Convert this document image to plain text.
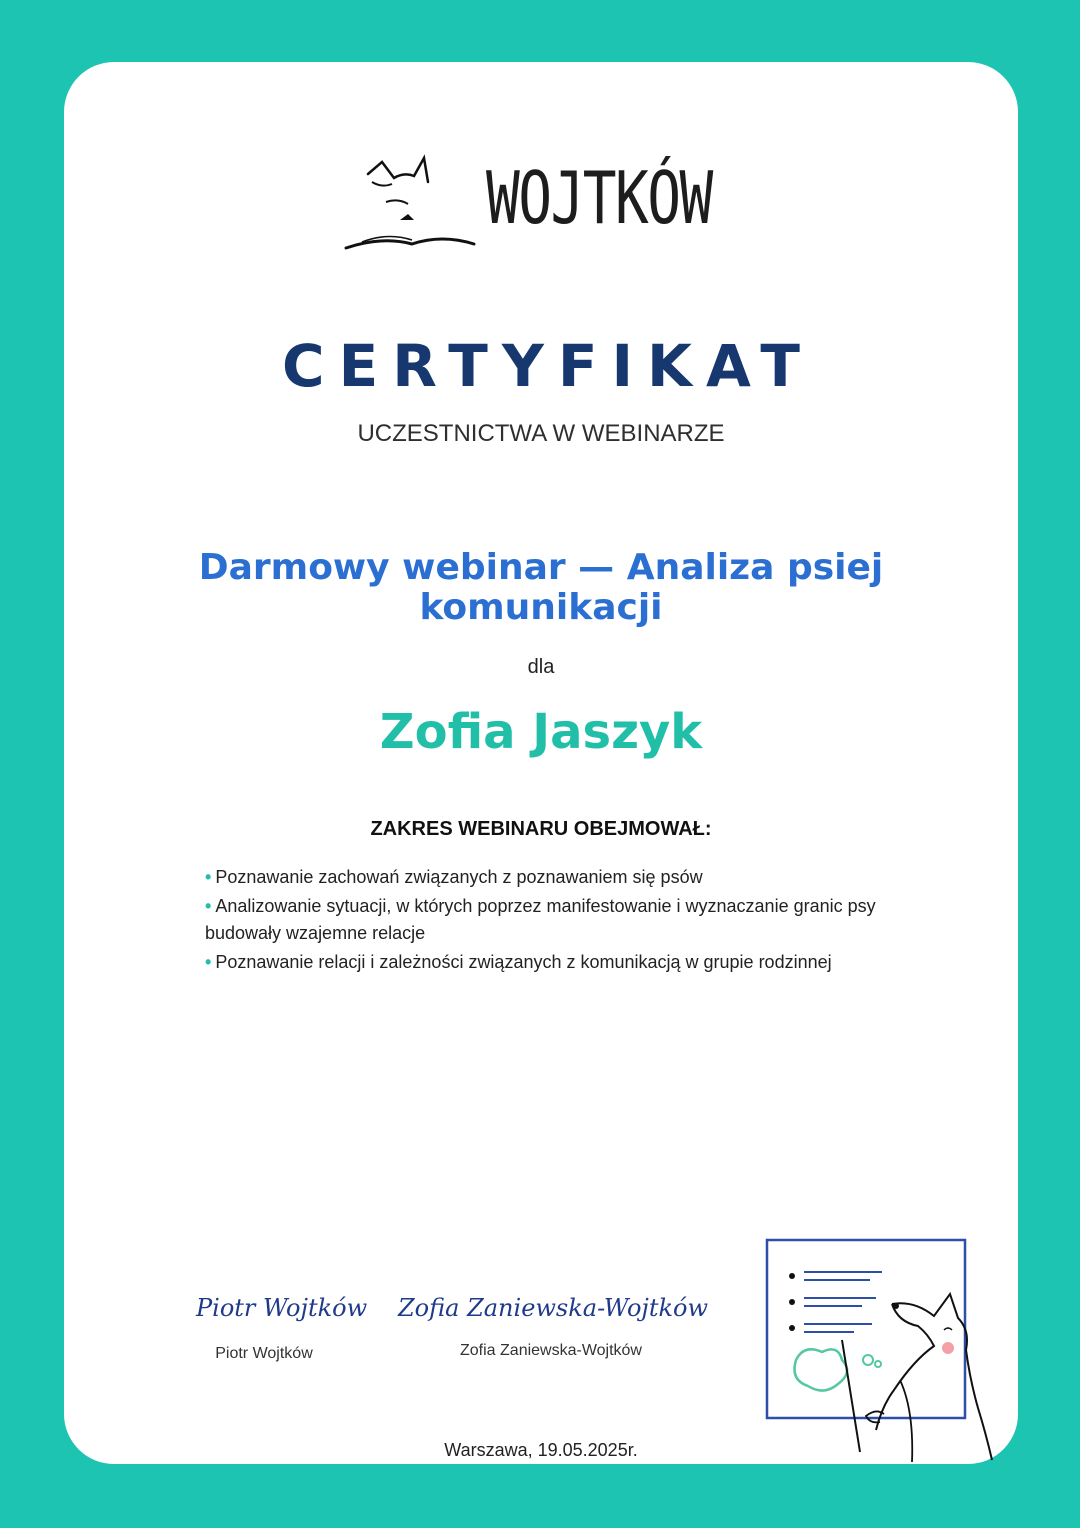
WOJTKÓW
CERTYFIKAT
UCZESTNICTWA W WEBINARZE
Darmowy webinar — Analiza psiej komunikacji
dla
Zofia Jaszyk
ZAKRES WEBINARU OBEJMOWAŁ:
• Poznawanie zachowań związanych z poznawaniem się psów
• Analizowanie sytuacji, w których poprzez manifestowanie i wyznaczanie granic psy budowały wzajemne relacje
• Poznawanie relacji i zależności związanych z komunikacją w grupie rodzinnej
Piotr Wojtków
Piotr Wojtków
Zofia Zaniewska-Wojtków
Zofia Zaniewska-Wojtków
Warszawa, 19.05.2025r.
